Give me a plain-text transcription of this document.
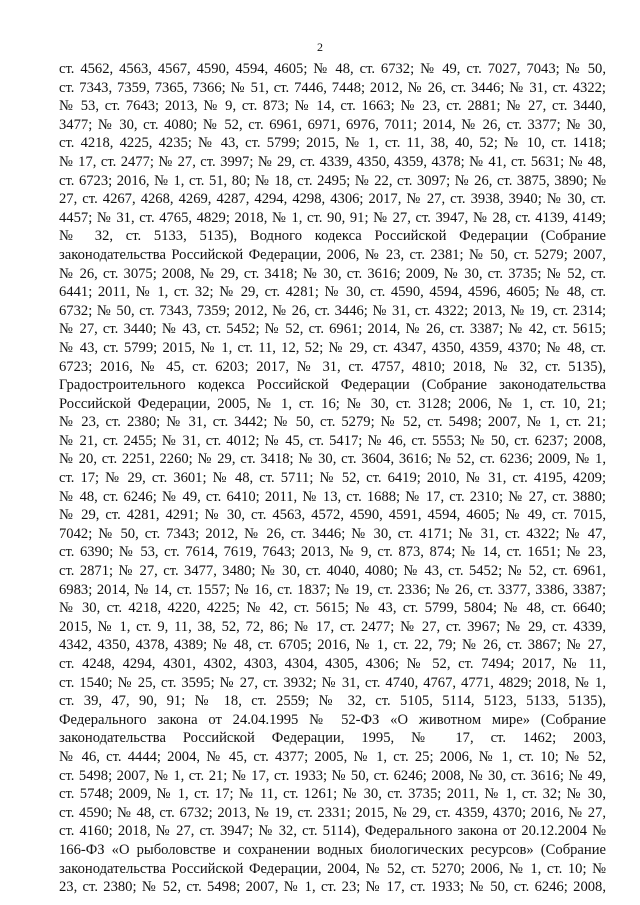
2
ст. 4562, 4563, 4567, 4590, 4594, 4605; № 48, ст. 6732; № 49, ст. 7027, 7043; № 50,
ст. 7343, 7359, 7365, 7366; № 51, ст. 7446, 7448; 2012, № 26, ст. 3446; № 31, ст. 4322;
№ 53, ст. 7643; 2013, № 9, ст. 873; № 14, ст. 1663; № 23, ст. 2881; № 27, ст. 3440,
3477; № 30, ст. 4080; № 52, ст. 6961, 6971, 6976, 7011; 2014, № 26, ст. 3377; № 30,
ст. 4218, 4225, 4235; № 43, ст. 5799; 2015, № 1, ст. 11, 38, 40, 52; № 10, ст. 1418;
№ 17, ст. 2477; № 27, ст. 3997; № 29, ст. 4339, 4350, 4359, 4378; № 41, ст. 5631; № 48,
ст. 6723; 2016, № 1, ст. 51, 80; № 18, ст. 2495; № 22, ст. 3097; № 26, ст. 3875, 3890; №
27, ст. 4267, 4268, 4269, 4287, 4294, 4298, 4306; 2017, № 27, ст. 3938, 3940; № 30, ст.
4457; № 31, ст. 4765, 4829; 2018, № 1, ст. 90, 91; № 27, ст. 3947, № 28, ст. 4139, 4149;
№ 32, ст. 5133, 5135), Водного кодекса Российской Федерации (Собрание
законодательства Российской Федерации, 2006, № 23, ст. 2381; № 50, ст. 5279; 2007,
№ 26, ст. 3075; 2008, № 29, ст. 3418; № 30, ст. 3616; 2009, № 30, ст. 3735; № 52, ст.
6441; 2011, № 1, ст. 32; № 29, ст. 4281; № 30, ст. 4590, 4594, 4596, 4605; № 48, ст.
6732; № 50, ст. 7343, 7359; 2012, № 26, ст. 3446; № 31, ст. 4322; 2013, № 19, ст. 2314;
№ 27, ст. 3440; № 43, ст. 5452; № 52, ст. 6961; 2014, № 26, ст. 3387; № 42, ст. 5615;
№ 43, ст. 5799; 2015, № 1, ст. 11, 12, 52; № 29, ст. 4347, 4350, 4359, 4370; № 48, ст.
6723; 2016, № 45, ст. 6203; 2017, № 31, ст. 4757, 4810; 2018, № 32, ст. 5135),
Градостроительного кодекса Российской Федерации (Собрание законодательства
Российской Федерации, 2005, № 1, ст. 16; № 30, ст. 3128; 2006, № 1, ст. 10, 21;
№ 23, ст. 2380; № 31, ст. 3442; № 50, ст. 5279; № 52, ст. 5498; 2007, № 1, ст. 21;
№ 21, ст. 2455; № 31, ст. 4012; № 45, ст. 5417; № 46, ст. 5553; № 50, ст. 6237; 2008,
№ 20, ст. 2251, 2260; № 29, ст. 3418; № 30, ст. 3604, 3616; № 52, ст. 6236; 2009, № 1,
ст. 17; № 29, ст. 3601; № 48, ст. 5711; № 52, ст. 6419; 2010, № 31, ст. 4195, 4209;
№ 48, ст. 6246; № 49, ст. 6410; 2011, № 13, ст. 1688; № 17, ст. 2310; № 27, ст. 3880;
№ 29, ст. 4281, 4291; № 30, ст. 4563, 4572, 4590, 4591, 4594, 4605; № 49, ст. 7015,
7042; № 50, ст. 7343; 2012, № 26, ст. 3446; № 30, ст. 4171; № 31, ст. 4322; № 47,
ст. 6390; № 53, ст. 7614, 7619, 7643; 2013, № 9, ст. 873, 874; № 14, ст. 1651; № 23,
ст. 2871; № 27, ст. 3477, 3480; № 30, ст. 4040, 4080; № 43, ст. 5452; № 52, ст. 6961,
6983; 2014, № 14, ст. 1557; № 16, ст. 1837; № 19, ст. 2336; № 26, ст. 3377, 3386, 3387;
№ 30, ст. 4218, 4220, 4225; № 42, ст. 5615; № 43, ст. 5799, 5804; № 48, ст. 6640;
2015, № 1, ст. 9, 11, 38, 52, 72, 86; № 17, ст. 2477; № 27, ст. 3967; № 29, ст. 4339,
4342, 4350, 4378, 4389; № 48, ст. 6705; 2016, № 1, ст. 22, 79; № 26, ст. 3867; № 27,
ст. 4248, 4294, 4301, 4302, 4303, 4304, 4305, 4306; № 52, ст. 7494; 2017, № 11,
ст. 1540; № 25, ст. 3595; № 27, ст. 3932; № 31, ст. 4740, 4767, 4771, 4829; 2018, № 1,
ст. 39, 47, 90, 91; № 18, ст. 2559; № 32, ст. 5105, 5114, 5123, 5133, 5135),
Федерального закона от 24.04.1995 № 52-ФЗ «О животном мире» (Собрание
законодательства Российской Федерации, 1995, № 17, ст. 1462; 2003,
№ 46, ст. 4444; 2004, № 45, ст. 4377; 2005, № 1, ст. 25; 2006, № 1, ст. 10; № 52,
ст. 5498; 2007, № 1, ст. 21; № 17, ст. 1933; № 50, ст. 6246; 2008, № 30, ст. 3616; № 49,
ст. 5748; 2009, № 1, ст. 17; № 11, ст. 1261; № 30, ст. 3735; 2011, № 1, ст. 32; № 30,
ст. 4590; № 48, ст. 6732; 2013, № 19, ст. 2331; 2015, № 29, ст. 4359, 4370; 2016, № 27,
ст. 4160; 2018, № 27, ст. 3947; № 32, ст. 5114), Федерального закона от 20.12.2004 №
166-ФЗ «О рыболовстве и сохранении водных биологических ресурсов» (Собрание
законодательства Российской Федерации, 2004, № 52, ст. 5270; 2006, № 1, ст. 10; №
23, ст. 2380; № 52, ст. 5498; 2007, № 1, ст. 23; № 17, ст. 1933; № 50, ст. 6246; 2008,
